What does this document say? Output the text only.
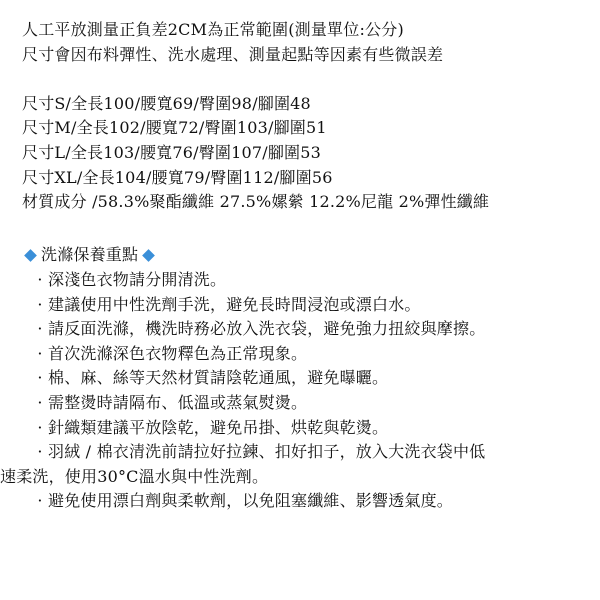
人工平放測量正負差2CM為正常範圍(測量單位:公分)
尺寸會因布料彈性、洗水處理、測量起點等因素有些微誤差
尺寸S/全長100/腰寬69/臀圍98/腳圍48
尺寸M/全長102/腰寬72/臀圍103/腳圍51
尺寸L/全長103/腰寬76/臀圍107/腳圍53
尺寸XL/全長104/腰寬79/臀圍112/腳圍56
材質成分 /58.3%聚酯纖維 27.5%嫘縈 12.2%尼龍 2%彈性纖維
洗滌保養重點
· 深淺色衣物請分開清洗。
· 建議使用中性洗劑手洗，避免長時間浸泡或漂白水。
· 請反面洗滌，機洗時務必放入洗衣袋，避免強力扭絞與摩擦。
· 首次洗滌深色衣物釋色為正常現象。
· 棉、麻、絲等天然材質請陰乾通風，避免曝曬。
· 需整燙時請隔布、低溫或蒸氣熨燙。
· 針織類建議平放陰乾，避免吊掛、烘乾與乾燙。
· 羽絨 / 棉衣清洗前請拉好拉鍊、扣好扣子，放入大洗衣袋中低
速柔洗，使用30°C溫水與中性洗劑。
· 避免使用漂白劑與柔軟劑，以免阻塞纖維、影響透氣度。
